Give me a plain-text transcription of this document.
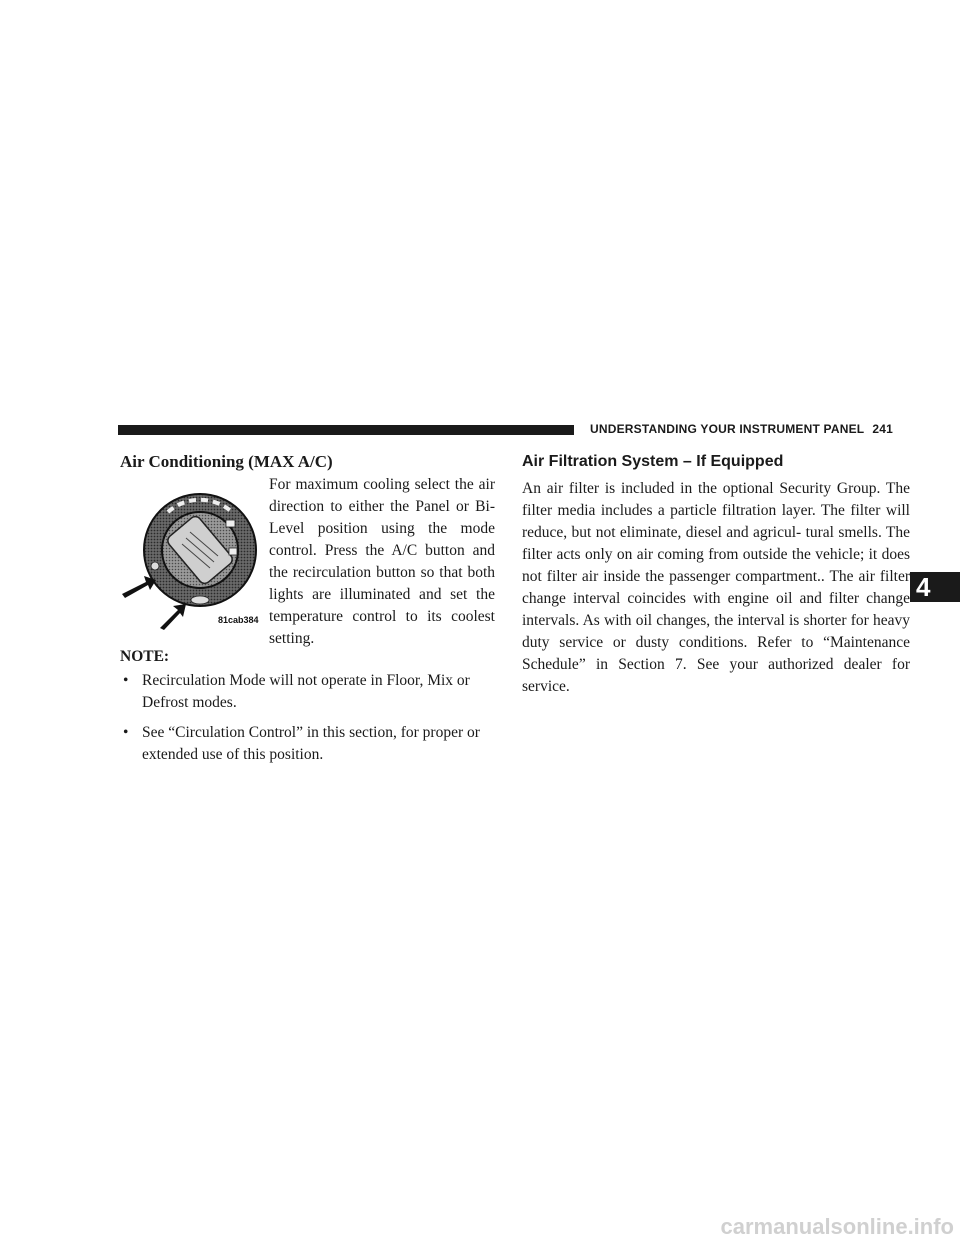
UNDERSTANDING YOUR INSTRUMENT PANEL 241
4
Air Conditioning (MAX A/C)
81cab384
For maximum cooling select the air direction to either the Panel or Bi-Level position using the mode control. Press the A/C button and the recirculation button so that both lights are illuminated and set the temperature control to its coolest setting.
NOTE:
• Recirculation Mode will not operate in Floor, Mix or Defrost modes.
• See “Circulation Control” in this section, for proper or extended use of this position.
Air Filtration System – If Equipped

An air filter is included in the optional Security Group. The filter media includes a particle filtration layer. The filter will reduce, but not eliminate, diesel and agricul- tural smells. The filter acts only on air coming from outside the vehicle; it does not filter air inside the passenger compartment.. The air filter change interval coincides with engine oil and filter change intervals. As with oil changes, the interval is shorter for heavy duty service or dusty conditions. Refer to “Maintenance Schedule” in Section 7. See your authorized dealer for service.

carmanualsonline.info
